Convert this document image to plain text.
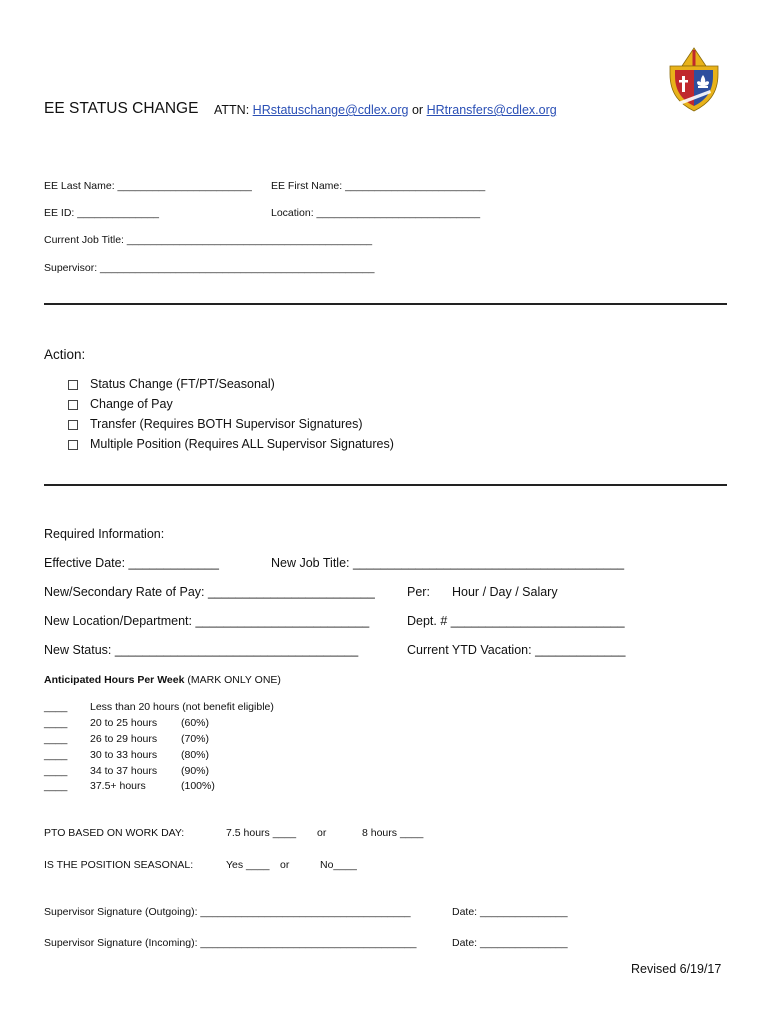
EE STATUS CHANGE ATTN: HRstatuschange@cdlex.org or HRtransfers@cdlex.org
EE Last Name: _______________________ EE First Name: ________________________
EE ID: ______________	Location: ____________________________
Current Job Title: __________________________________________
Supervisor: _______________________________________________
Action:
Status Change (FT/PT/Seasonal)
Change of Pay
Transfer (Requires BOTH Supervisor Signatures)
Multiple Position (Requires ALL Supervisor Signatures)
Required Information:
Effective Date: _____________	New Job Title: _______________________________________
New/Secondary Rate of Pay: ________________________	Per: Hour / Day / Salary
New Location/Department: _________________________	Dept. # _________________________
New Status: ___________________________________	Current YTD Vacation: _____________
Anticipated Hours Per Week (MARK ONLY ONE)
____ Less than 20 hours (not benefit eligible)
____ 20 to 25 hours (60%)
____ 26 to 29 hours (70%)
____ 30 to 33 hours (80%)
____ 34 to 37 hours (90%)
____ 37.5+ hours	(100%)
PTO BASED ON WORK DAY:	7.5 hours ____ or	8 hours ____
IS THE POSITION SEASONAL:	Yes ____ or	No____
Supervisor Signature (Outgoing): ____________________________________	Date: _______________
Supervisor Signature (Incoming): _____________________________________	Date: _______________
Revised 6/19/17
